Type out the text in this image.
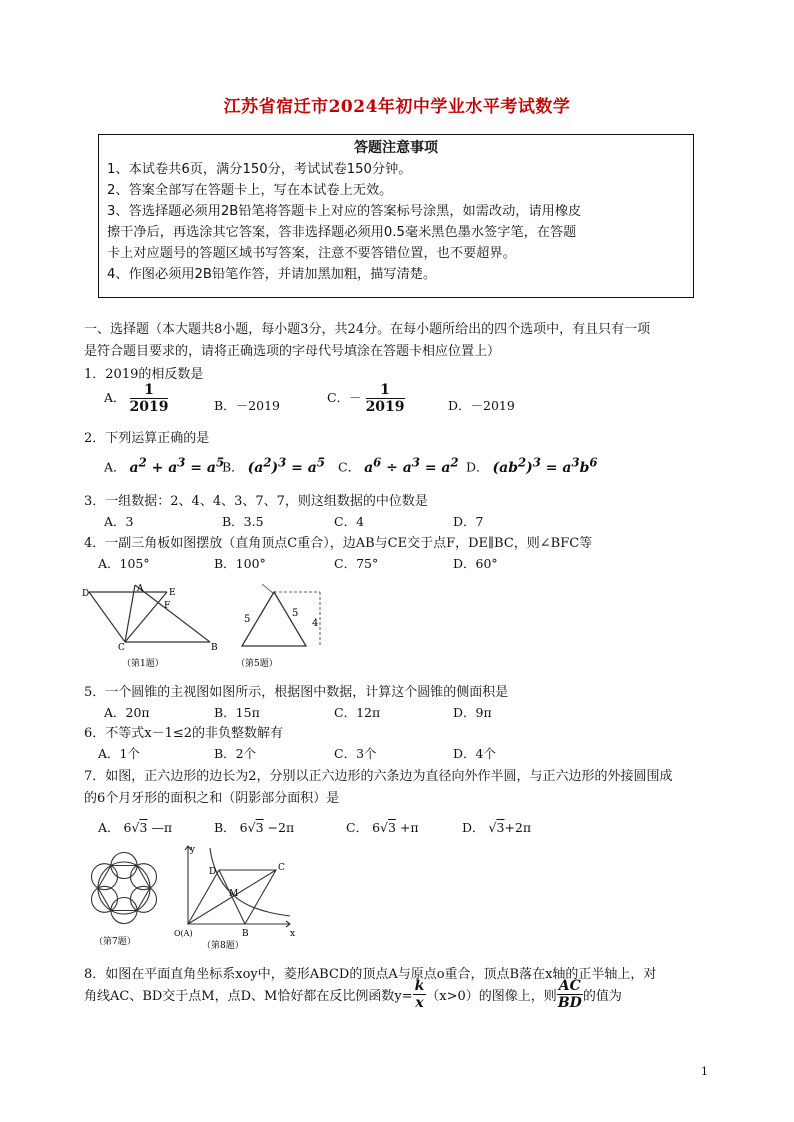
江苏省宿迁市2024年初中学业水平考试数学
答题注意事项

1、本试卷共6页，满分150分，考试试卷150分钟。

2、答案全部写在答题卡上，写在本试卷上无效。

3、答选择题必须用2B铅笔将答题卡上对应的答案标号涂黑，如需改动，请用橡皮

擦干净后，再选涂其它答案，答非选择题必须用0.5毫米黑色墨水签字笔，在答题

卡上对应题号的答题区域书写答案，注意不要答错位置，也不要超界。

4、作图必须用2B铅笔作答，并请加黑加粗，描写清楚。

一、选择题（本大题共8小题，每小题3分，共24分。在每小题所给出的四个选项中，有且只有一项
是符合题目要求的，请将正确选项的字母代号填涂在答题卡相应位置上）
1．2019的相反数是
A． $\frac{1}{2019}$	B．－2019
C．－ $\frac{1}{2019}$	D．－2019
2．下列运算正确的是
A． $a^2 + a^3 = a^5$
B． $(a^2)^3 = a^5$ C． $a^6 \div a^3 = a^2$ D． $(ab^2)^3 = a^3b^6$
3．一组数据：2、4、4、3、7、7，则这组数据的中位数是
A．3	B．3.5	C．4	D．7
4．一副三角板如图摆放（直角顶点C重合），边AB与CE交于点F，DE∥BC，则∠BFC等
A．105°	B．100°	C．75°	D．60°
D	A	E
F
C	B
（第1题）
5
5
4
（第5题）
5．一个圆锥的主视图如图所示，根据图中数据，计算这个圆锥的侧面积是
A．20π	B．15π	C．12π	D．9π
6．不等式x－1≤2的非负整数解有
A．1个	B．2个	C．3个	D．4个
7．如图，正六边形的边长为2，分别以正六边形的六条边为直径向外作半圆，与正六边形的外接圆围成
的6个月牙形的面积之和（阴影部分面积）是
A． 6√3 —π	B． 6√3 −2π	C． 6√3 +π	D． √3+2π
（第7题）
y
x
D	C
M
O(A)	B
（第8题）
8．如图在平面直角坐标系xoy中，菱形ABCD的顶点A与原点o重合，顶点B落在x轴的正半轴上，对
角线AC、BD交于点M，点D、M恰好都在反比例函数$y= \frac{k}{x} (x>0)$的图像上，则 $\frac{AC}{BD}$ 的值为
1
